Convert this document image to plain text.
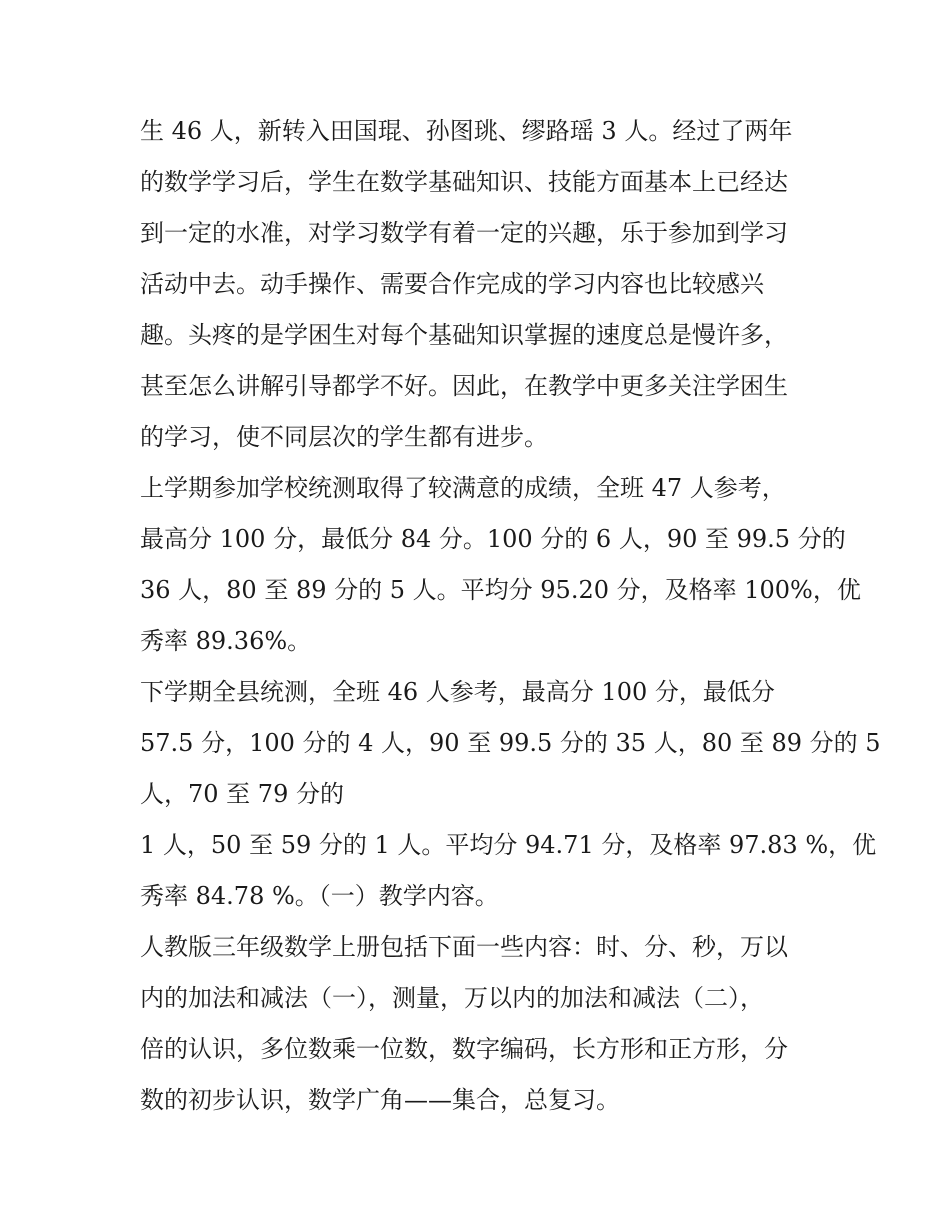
生 46 人，新转入田国琨、孙图珧、缪路瑶 3 人。经过了两年
的数学学习后，学生在数学基础知识、技能方面基本上已经达
到一定的水准，对学习数学有着一定的兴趣，乐于参加到学习
活动中去。动手操作、需要合作完成的学习内容也比较感兴
趣。头疼的是学困生对每个基础知识掌握的速度总是慢许多，
甚至怎么讲解引导都学不好。因此，在教学中更多关注学困生
的学习，使不同层次的学生都有进步。
上学期参加学校统测取得了较满意的成绩，全班 47 人参考，
最高分 100 分，最低分 84 分。100 分的 6 人，90 至 99.5 分的
36 人，80 至 89 分的 5 人。平均分 95.20 分，及格率 100%，优
秀率 89.36%。
下学期全县统测，全班 46 人参考，最高分 100 分，最低分
57.5 分，100 分的 4 人，90 至 99.5 分的 35 人，80 至 89 分的 5
人，70 至 79 分的
1 人，50 至 59 分的 1 人。平均分 94.71 分，及格率 97.83 %，优
秀率 84.78 %。（一）教学内容。
人教版三年级数学上册包括下面一些内容：时、分、秒，万以
内的加法和减法（一），测量，万以内的加法和减法（二），
倍的认识，多位数乘一位数，数字编码，长方形和正方形，分
数的初步认识，数学广角——集合，总复习。
